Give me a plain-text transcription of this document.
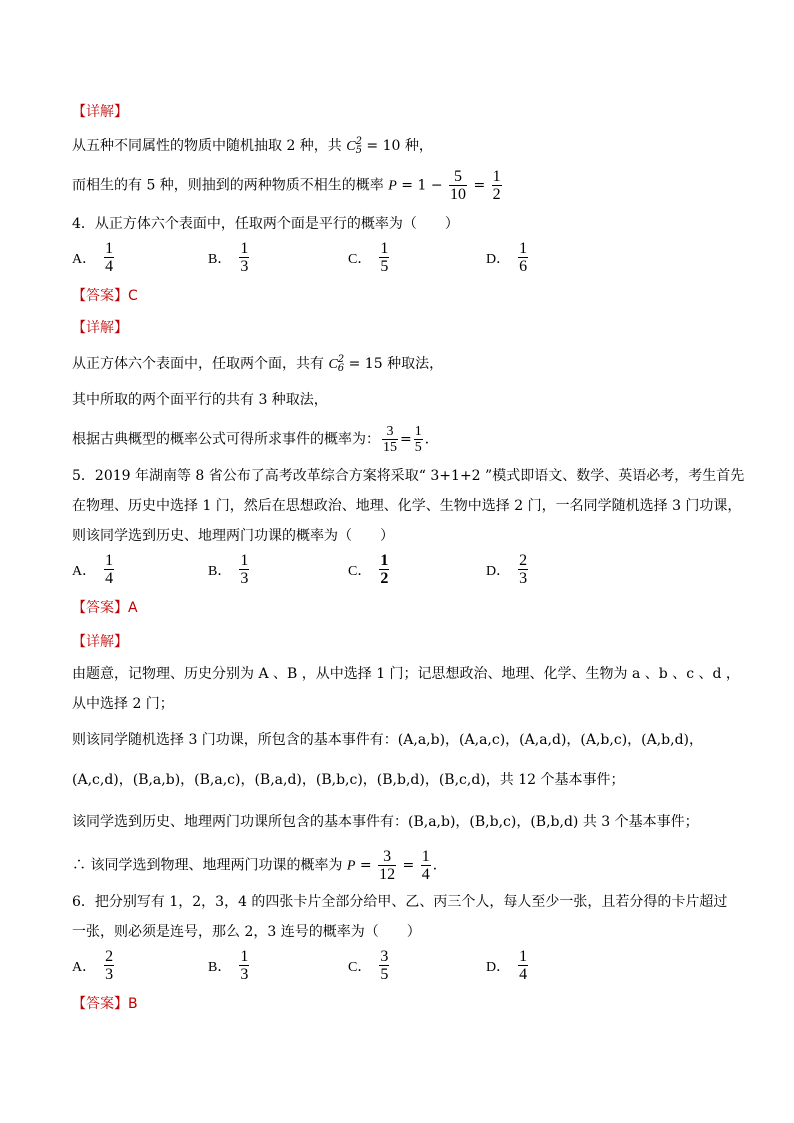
【详解】
从五种不同属性的物质中随机抽取 2 种，共 C 2
5 = 10 种，
而相生的有 5 种，则抽到的两种物质不相生的概率 $P = 1 - \frac{5}{10} = \frac{1}{2}$
4．从正方体六个表面中，任取两个面是平行的概率为（　　）
A． $\frac{1}{4}$	B． $\frac{1}{3}$	C． $\frac{1}{5}$	D． $\frac{1}{6}$
【答案】C
【详解】
从正方体六个表面中，任取两个面，共有 C 2
6 = 15 种取法，
其中所取的两个面平行的共有 3 种取法，
根据古典概型的概率公式可得所求事件的概率为： $\frac{3}{15} = \frac{1}{5}$ ．
5．2019 年湖南等 8 省公布了高考改革综合方案将采取“ 3+1+2 ”模式即语文、数学、英语必考，考生首先
在物理、历史中选择 1 门，然后在思想政治、地理、化学、生物中选择 2 门，一名同学随机选择 3 门功课，
则该同学选到历史、地理两门功课的概率为（　　）
A． $\frac{1}{4}$	B． $\frac{1}{3}$	C． $\frac{1}{2}$	D． $\frac{2}{3}$
【答案】A
【详解】
由题意，记物理、历史分别为 A 、B ，从中选择 1 门；记思想政治、地理、化学、生物为 a 、b 、c 、d ，
从中选择 2 门；
则该同学随机选择 3 门功课，所包含的基本事件有：(A,a,b)，(A,a,c)，(A,a,d)，(A,b,c)，(A,b,d)，
(A,c,d)，(B,a,b)，(B,a,c)，(B,a,d)，(B,b,c)，(B,b,d)，(B,c,d)，共 12 个基本事件；
该同学选到历史、地理两门功课所包含的基本事件有：(B,a,b)，(B,b,c)，(B,b,d) 共 3 个基本事件；
∴ 该同学选到物理、地理两门功课的概率为 $P = \frac{3}{12} = \frac{1}{4}$ ．
6．把分别写有 1，2，3，4 的四张卡片全部分给甲、乙、丙三个人，每人至少一张，且若分得的卡片超过
一张，则必须是连号，那么 2，3 连号的概率为（　　）
A． $\frac{2}{3}$	B． $\frac{1}{3}$	C． $\frac{3}{5}$	D． $\frac{1}{4}$
【答案】B
